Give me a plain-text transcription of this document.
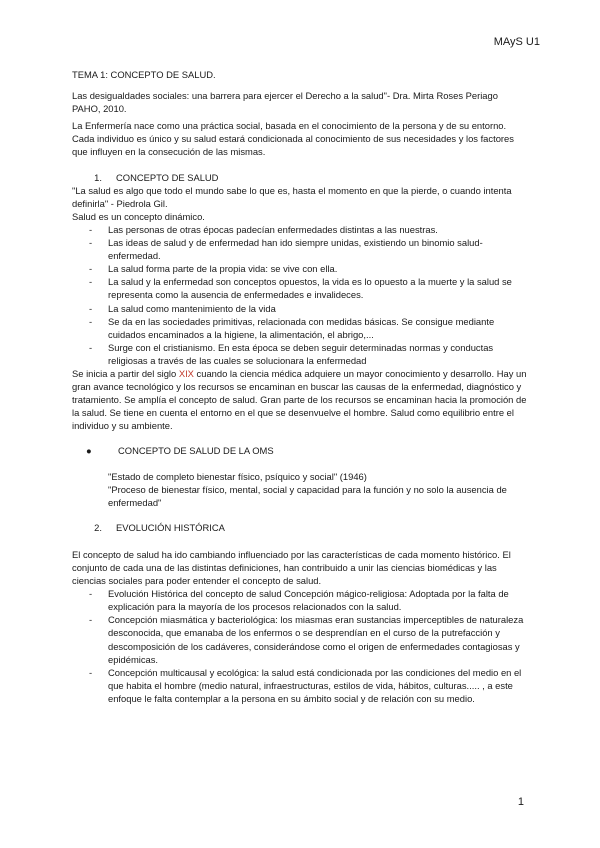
MAyS U1

TEMA 1: CONCEPTO DE SALUD.

Las desigualdades sociales: una barrera para ejercer el Derecho a la salud"- Dra. Mirta Roses Periago PAHO, 2010.

La Enfermería nace como una práctica social, basada en el conocimiento de la persona y de su entorno. Cada individuo es único y su salud estará condicionada al conocimiento de sus necesidades y los factores que influyen en la consecución de las mismas.

1.	CONCEPTO DE SALUD

"La salud es algo que todo el mundo sabe lo que es, hasta el momento en que la pierde, o cuando intenta definirla" - Piedrola Gil.

Salud es un concepto dinámico.

- Las personas de otras épocas padecían enfermedades distintas a las nuestras.
- Las ideas de salud y de enfermedad han ido siempre unidas, existiendo un binomio salud-enfermedad.
- La salud forma parte de la propia vida: se vive con ella.
- La salud y la enfermedad son conceptos opuestos, la vida es lo opuesto a la muerte y la salud se representa como la ausencia de enfermedades e invalideces.
- La salud como mantenimiento de la vida
- Se da en las sociedades primitivas, relacionada con medidas básicas. Se consigue mediante cuidados encaminados a la higiene, la alimentación, el abrigo,...
- Surge con el cristianismo. En esta época se deben seguir determinadas normas y conductas religiosas a través de las cuales se solucionara la enfermedad

Se inicia a partir del siglo XIX cuando la ciencia médica adquiere un mayor conocimiento y desarrollo. Hay un gran avance tecnológico y los recursos se encaminan en buscar las causas de la enfermedad, diagnóstico y tratamiento. Se amplía el concepto de salud. Gran parte de los recursos se encaminan hacia la promoción de la salud. Se tiene en cuenta el entorno en el que se desenvuelve el hombre. Salud como equilibrio entre el individuo y su ambiente.

●	CONCEPTO DE SALUD DE LA OMS

"Estado de completo bienestar físico, psíquico y social" (1946)

"Proceso de bienestar físico, mental, social y capacidad para la función y no solo la ausencia de enfermedad"

2.	EVOLUCIÓN HISTÓRICA

El concepto de salud ha ido cambiando influenciado por las características de cada momento histórico. El conjunto de cada una de las distintas definiciones, han contribuido a unir las ciencias biomédicas y las ciencias sociales para poder entender el concepto de salud.

- Evolución Histórica del concepto de salud Concepción mágico-religiosa: Adoptada por la falta de explicación para la mayoría de los procesos relacionados con la salud.
- Concepción miasmática y bacteriológica: los miasmas eran sustancias imperceptibles de naturaleza desconocida, que emanaba de los enfermos o se desprendían en el curso de la putrefacción y descomposición de los cadáveres, considerándose como el origen de enfermedades contagiosas y epidémicas.
- Concepción multicausal y ecológica: la salud está condicionada por las condiciones del medio en el que habita el hombre (medio natural, infraestructuras, estilos de vida, hábitos, culturas..... , a este enfoque le falta contemplar a la persona en su ámbito social y de relación con su medio.
1
